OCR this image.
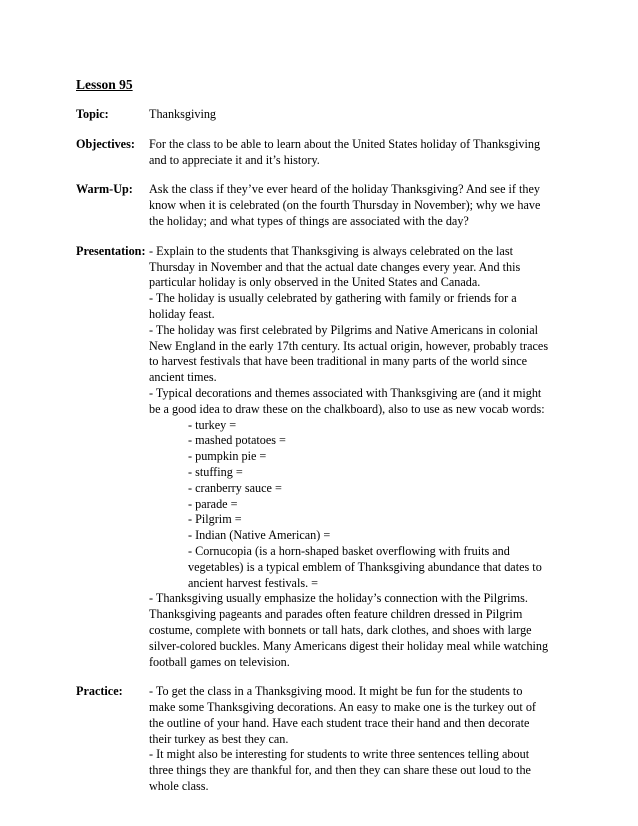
Lesson 95
Topic:	Thanksgiving
Objectives:	For the class to be able to learn about the United States holiday of Thanksgiving
and to appreciate it and it’s history.
Warm-Up:	Ask the class if they’ve ever heard of the holiday Thanksgiving? And see if they
know when it is celebrated (on the fourth Thursday in November); why we have
the holiday; and what types of things are associated with the day?
Presentation: - Explain to the students that Thanksgiving is always celebrated on the last
Thursday in November and that the actual date changes every year. And this
particular holiday is only observed in the United States and Canada.
- The holiday is usually celebrated by gathering with family or friends for a
holiday feast.
- The holiday was first celebrated by Pilgrims and Native Americans in colonial
New England in the early 17th century. Its actual origin, however, probably traces
to harvest festivals that have been traditional in many parts of the world since
ancient times.
- Typical decorations and themes associated with Thanksgiving are (and it might
be a good idea to draw these on the chalkboard), also to use as new vocab words:
- turkey =
- mashed potatoes =
- pumpkin pie =
- stuffing =
- cranberry sauce =
- parade =
- Pilgrim =
- Indian (Native American) =
- Cornucopia (is a horn-shaped basket overflowing with fruits and
vegetables) is a typical emblem of Thanksgiving abundance that dates to
ancient harvest festivals. =
- Thanksgiving usually emphasize the holiday’s connection with the Pilgrims.
Thanksgiving pageants and parades often feature children dressed in Pilgrim
costume, complete with bonnets or tall hats, dark clothes, and shoes with large
silver-colored buckles. Many Americans digest their holiday meal while watching
football games on television.
Practice:	- To get the class in a Thanksgiving mood. It might be fun for the students to
make some Thanksgiving decorations. An easy to make one is the turkey out of
the outline of your hand. Have each student trace their hand and then decorate
their turkey as best they can.
- It might also be interesting for students to write three sentences telling about
three things they are thankful for, and then they can share these out loud to the
whole class.
